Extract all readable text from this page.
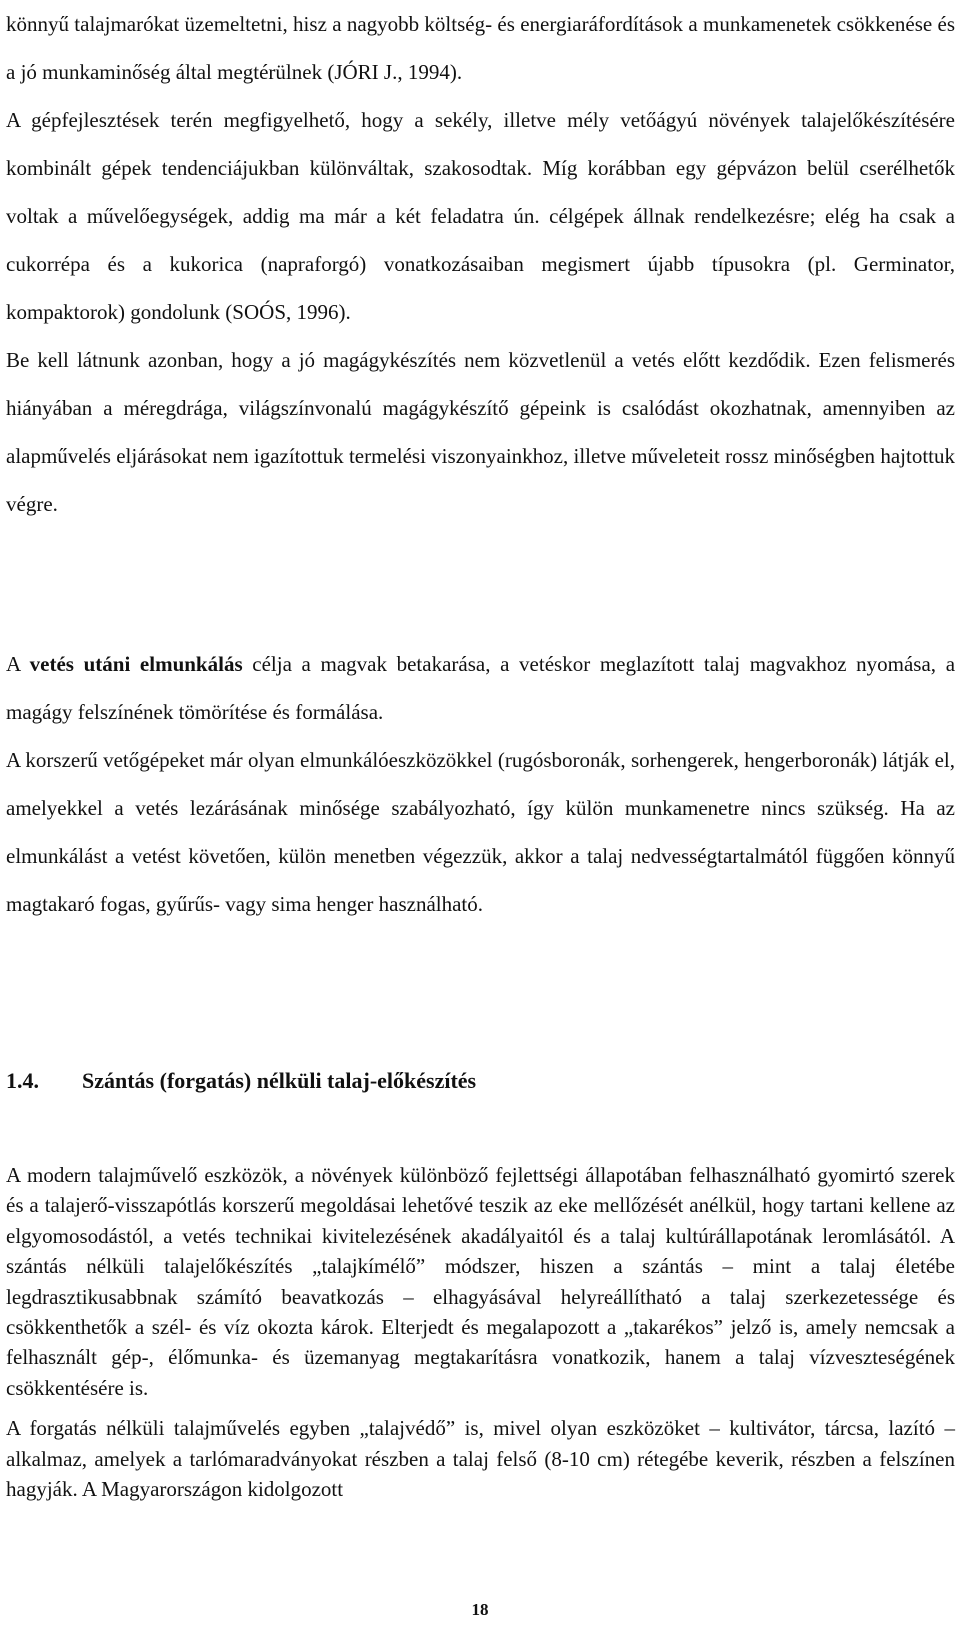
könnyű talajmarókat üzemeltetni, hisz a nagyobb költség- és energiaráfordítások a munkamenetek csökkenése és a jó munkaminőség által megtérülnek (JÓRI J., 1994).

A gépfejlesztések terén megfigyelhető, hogy a sekély, illetve mély vetőágyú növények talajelőkészítésére kombinált gépek tendenciájukban különváltak, szakosodtak. Míg korábban egy gépvázon belül cserélhetők voltak a művelőegységek, addig ma már a két feladatra ún. célgépek állnak rendelkezésre; elég ha csak a cukorrépa és a kukorica (napraforgó) vonatkozásaiban megismert újabb típusokra (pl. Germinator, kompaktorok) gondolunk (SOÓS, 1996).

Be kell látnunk azonban, hogy a jó magágykészítés nem közvetlenül a vetés előtt kezdődik. Ezen felismerés hiányában a méregdrága, világszínvonalú magágykészítő gépeink is csalódást okozhatnak, amennyiben az alapművelés eljárásokat nem igazítottuk termelési viszonyainkhoz, illetve műveleteit rossz minőségben hajtottuk végre.

A vetés utáni elmunkálás célja a magvak betakarása, a vetéskor meglazított talaj magvakhoz nyomása, a magágy felszínének tömörítése és formálása.

A korszerű vetőgépeket már olyan elmunkálóeszközökkel (rugósboronák, sorhengerek, hengerboronák) látják el, amelyekkel a vetés lezárásának minősége szabályozható, így külön munkamenetre nincs szükség. Ha az elmunkálást a vetést követően, külön menetben végezzük, akkor a talaj nedvességtartalmától függően könnyű magtakaró fogas, gyűrűs- vagy sima henger használható.

1.4. Szántás (forgatás) nélküli talaj-előkészítés

A modern talajművelő eszközök, a növények különböző fejlettségi állapotában felhasználható gyomirtó szerek és a talajerő-visszapótlás korszerű megoldásai lehetővé teszik az eke mellőzését anélkül, hogy tartani kellene az elgyomosodástól, a vetés technikai kivitelezésének akadályaitól és a talaj kultúrállapotának leromlásától. A szántás nélküli talajelőkészítés „talajkímélő” módszer, hiszen a szántás – mint a talaj életébe legdrasztikusabbnak számító beavatkozás – elhagyásával helyreállítható a talaj szerkezetessége és csökkenthetők a szél- és víz okozta károk. Elterjedt és megalapozott a „takarékos” jelző is, amely nemcsak a felhasznált gép-, élőmunka- és üzemanyag megtakarításra vonatkozik, hanem a talaj vízveszteségének csökkentésére is.

A forgatás nélküli talajművelés egyben „talajvédő” is, mivel olyan eszközöket – kultivátor, tárcsa, lazító – alkalmaz, amelyek a tarlómaradványokat részben a talaj felső (8-10 cm) rétegébe keverik, részben a felszínen hagyják. A Magyarországon kidolgozott

18
